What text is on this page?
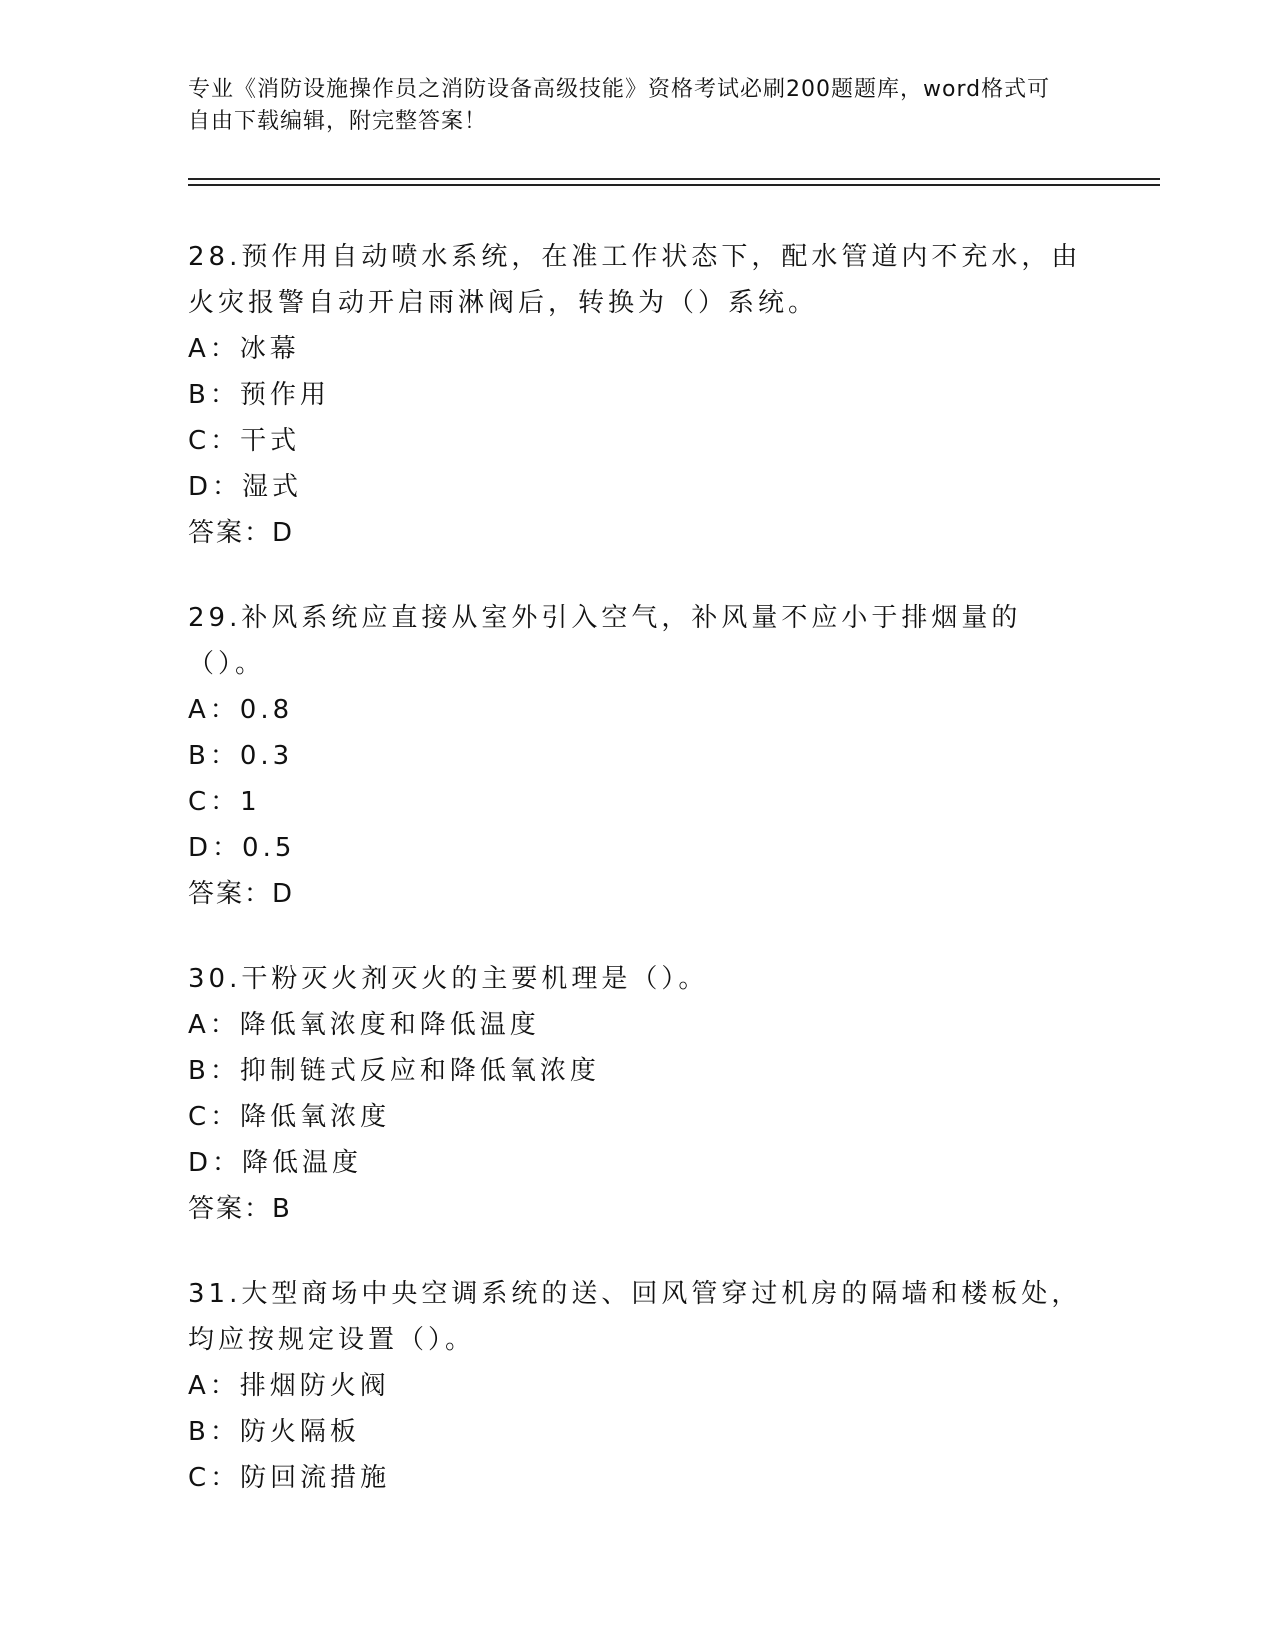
专业《消防设施操作员之消防设备高级技能》资格考试必刷200题题库，word格式可自由下载编辑，附完整答案！
28.预作用自动喷水系统，在准工作状态下，配水管道内不充水，由火灾报警自动开启雨淋阀后，转换为（）系统。
A：冰幕
B：预作用
C：干式
D：湿式
答案：D
29.补风系统应直接从室外引入空气，补风量不应小于排烟量的（）。
A：0.8
B：0.3
C：1
D：0.5
答案：D
30.干粉灭火剂灭火的主要机理是（）。
A：降低氧浓度和降低温度
B：抑制链式反应和降低氧浓度
C：降低氧浓度
D：降低温度
答案：B
31.大型商场中央空调系统的送、回风管穿过机房的隔墙和楼板处，均应按规定设置（）。
A：排烟防火阀
B：防火隔板
C：防回流措施
